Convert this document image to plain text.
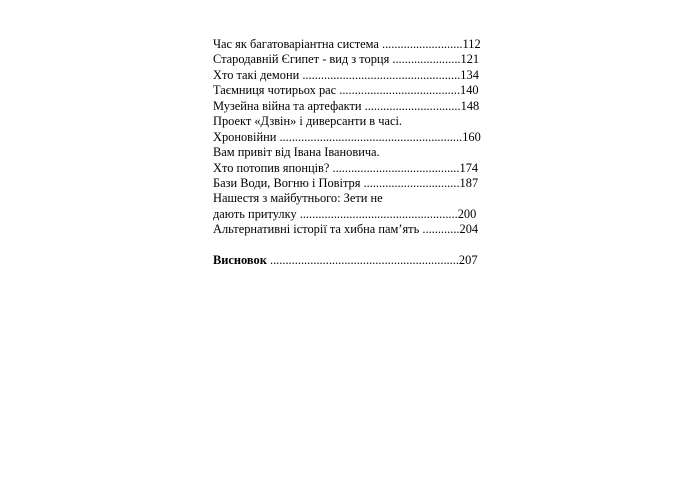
Час як багатоваріантна система ..........................112
Стародавній Єгипет - вид з торця ......................121
Хто такі демони ...................................................134
Таємниця чотирьох рас .......................................140
Музейна війна та артефакти ...............................148
Проект «Дзвін» і диверсанти в часі.
Хроновійни ...........................................................160
Вам привіт від Івана Івановича.
Хто потопив японців? .........................................174
Бази Води, Вогню і Повітря ...............................187
Нашестя з майбутнього: Зети не
дають притулку ...................................................200
Альтернативні історії та хибна пам’ять ............204
Висновок .............................................................207
